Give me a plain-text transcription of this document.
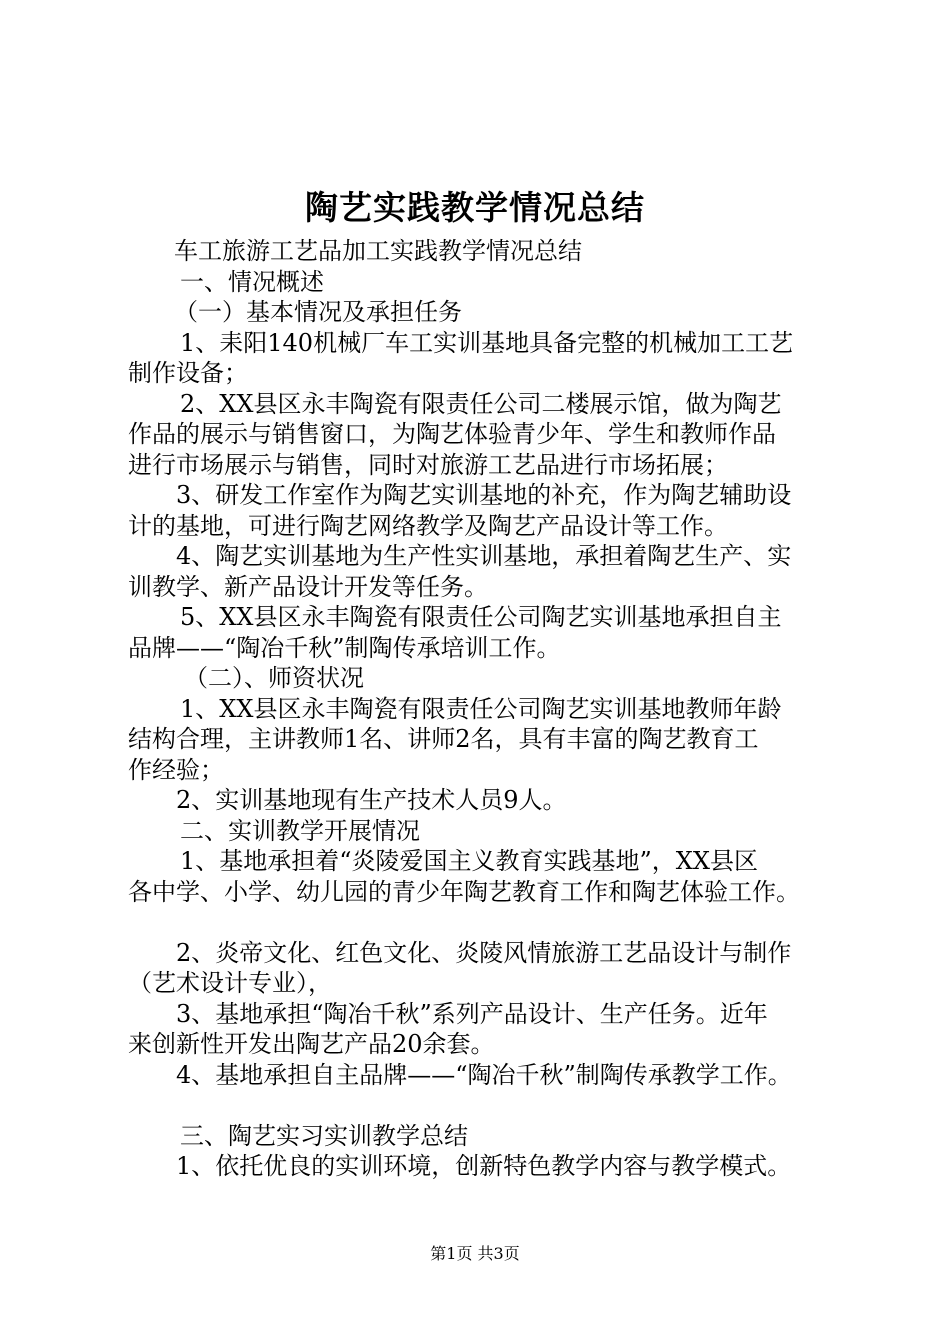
陶艺实践教学情况总结
车工旅游工艺品加工实践教学情况总结
一、情况概述
（一）基本情况及承担任务
1、耒阳140机械厂车工实训基地具备完整的机械加工工艺
制作设备；
2、XX县区永丰陶瓷有限责任公司二楼展示馆，做为陶艺
作品的展示与销售窗口，为陶艺体验青少年、学生和教师作品
进行市场展示与销售，同时对旅游工艺品进行市场拓展；
3、研发工作室作为陶艺实训基地的补充，作为陶艺辅助设
计的基地，可进行陶艺网络教学及陶艺产品设计等工作。
4、陶艺实训基地为生产性实训基地，承担着陶艺生产、实
训教学、新产品设计开发等任务。
5、XX县区永丰陶瓷有限责任公司陶艺实训基地承担自主
品牌——“陶冶千秋”制陶传承培训工作。
（二）、师资状况
1、XX县区永丰陶瓷有限责任公司陶艺实训基地教师年龄
结构合理，主讲教师1名、讲师2名，具有丰富的陶艺教育工
作经验；
2、实训基地现有生产技术人员9人。
二、实训教学开展情况
1、基地承担着“炎陵爱国主义教育实践基地”，XX县区
各中学、小学、幼儿园的青少年陶艺教育工作和陶艺体验工作。
2、炎帝文化、红色文化、炎陵风情旅游工艺品设计与制作
（艺术设计专业），
3、基地承担“陶冶千秋”系列产品设计、生产任务。近年
来创新性开发出陶艺产品20余套。
4、基地承担自主品牌——“陶冶千秋”制陶传承教学工作。
三、陶艺实习实训教学总结
1、依托优良的实训环境，创新特色教学内容与教学模式。
第1页 共3页
